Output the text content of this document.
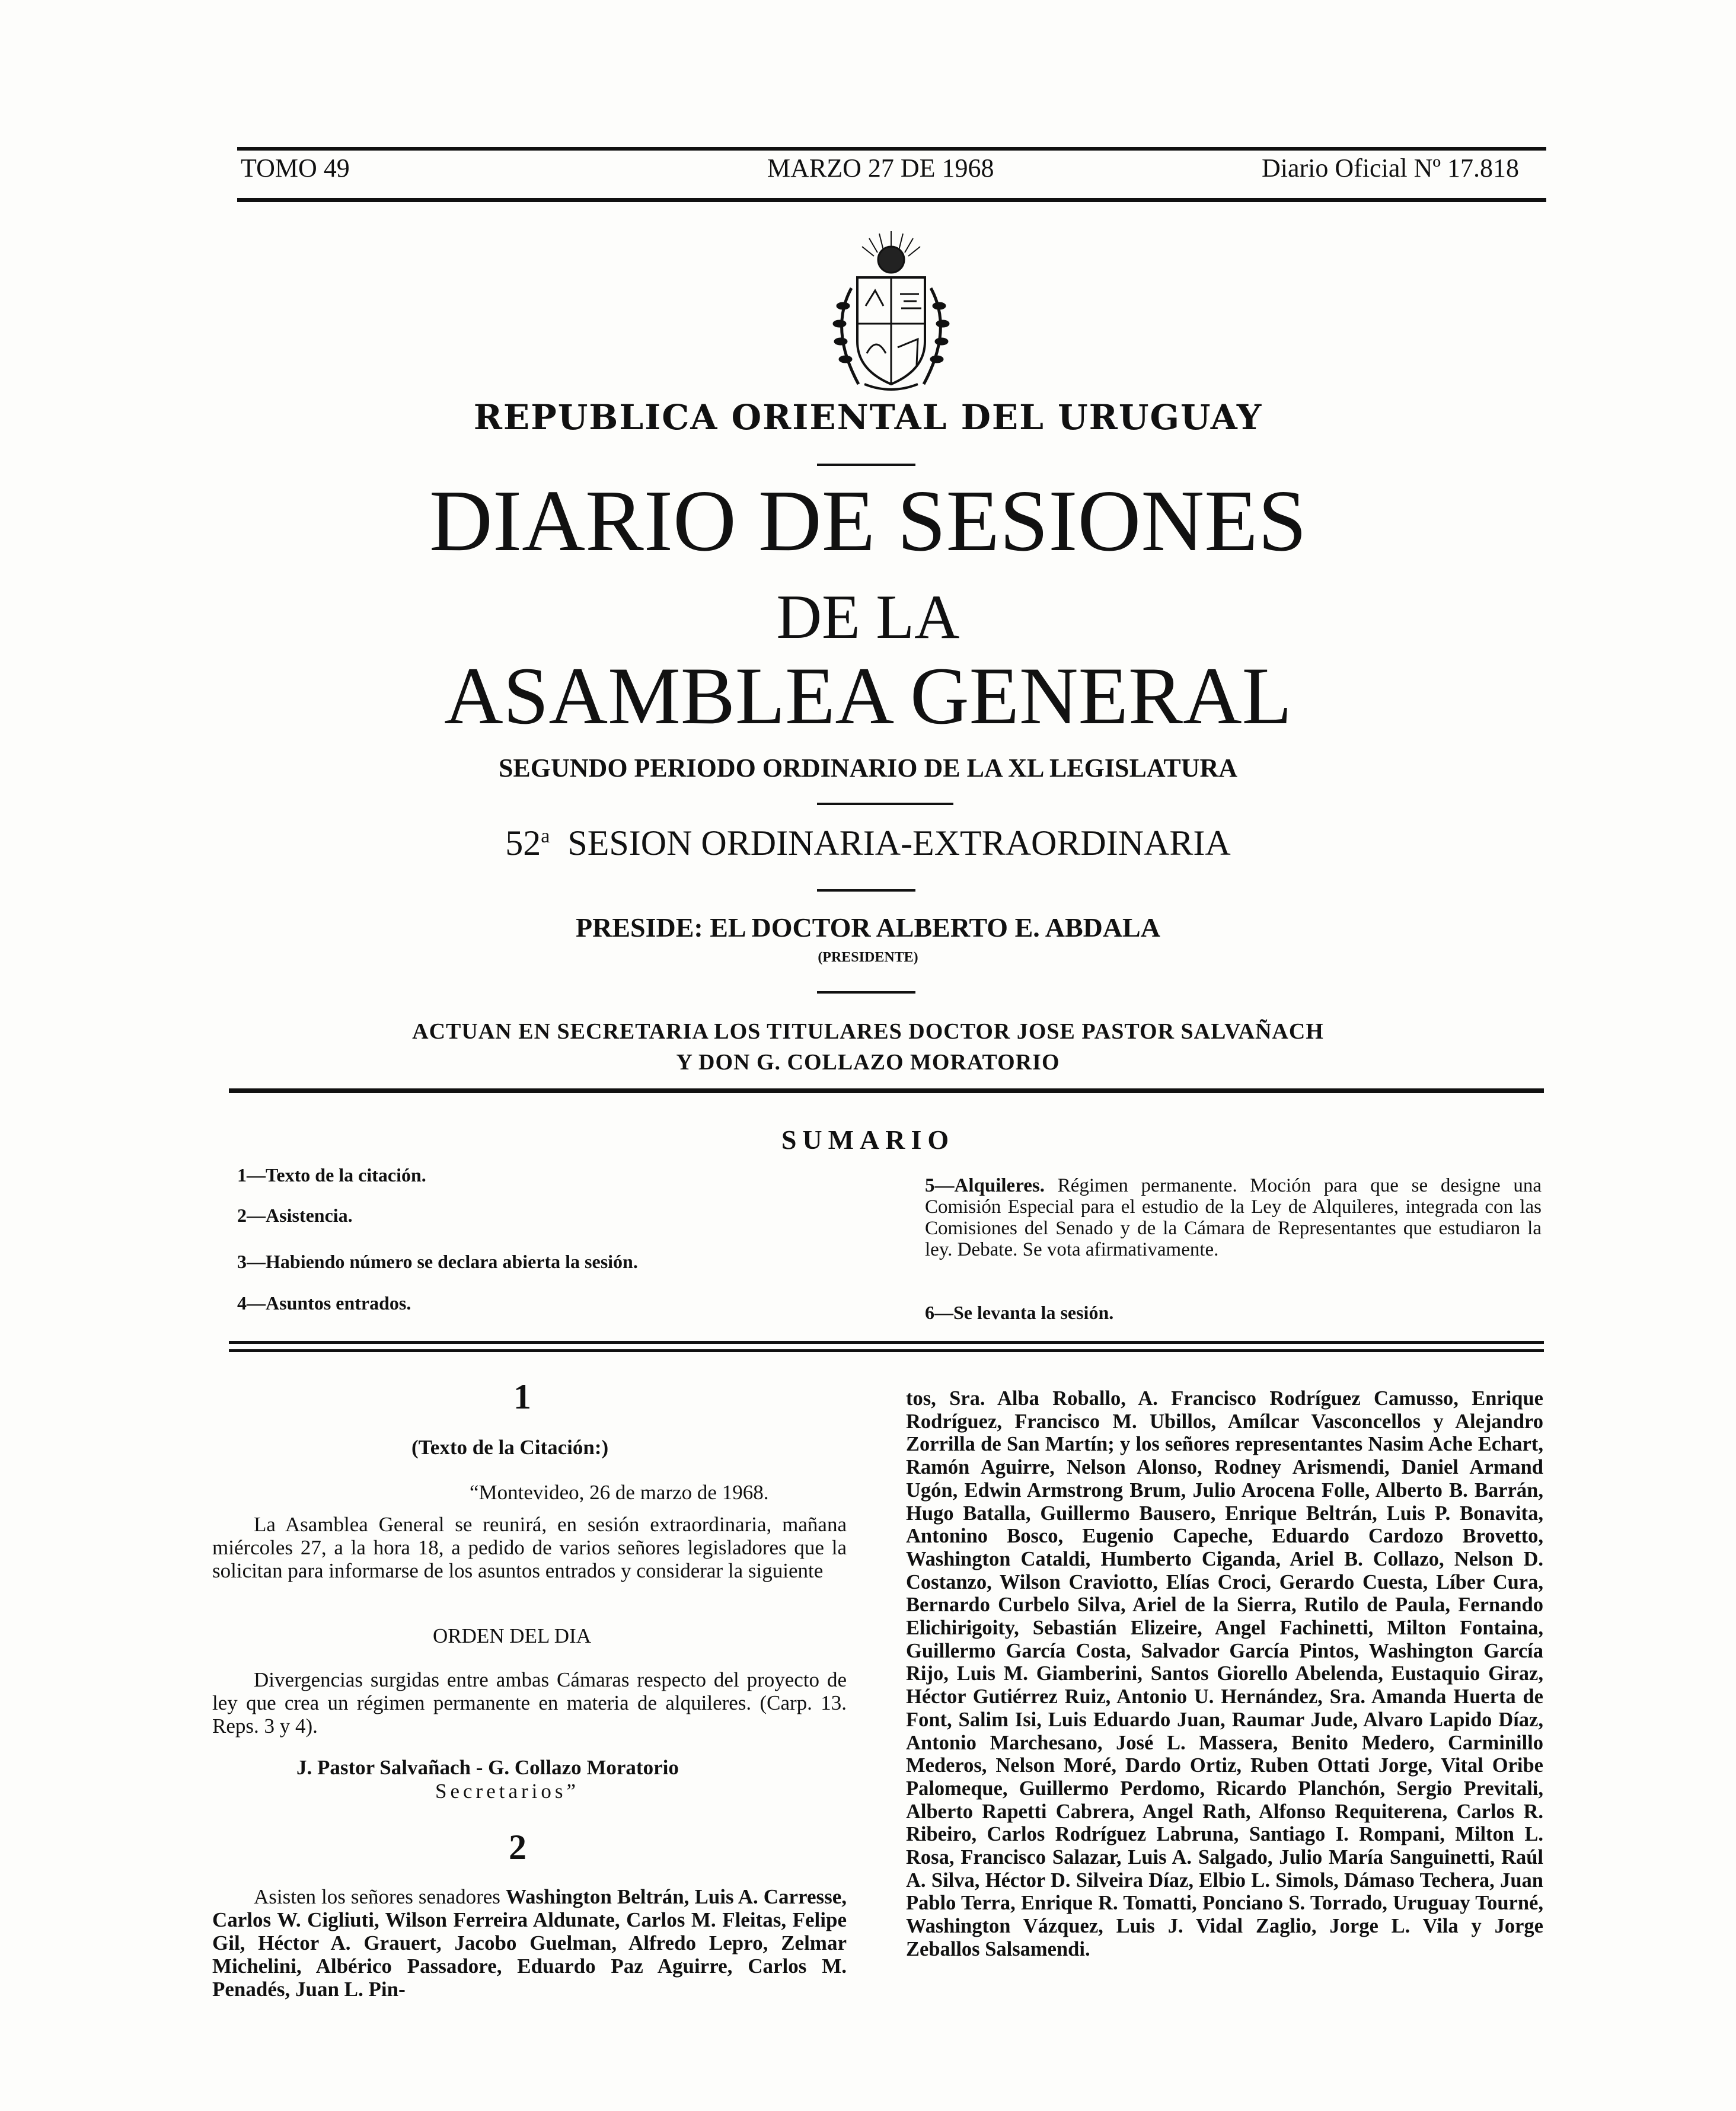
TOMO 49	MARZO 27 DE 1968	Diario Oficial Nº 17.818
REPUBLICA ORIENTAL DEL URUGUAY
DIARIO DE SESIONES
DE LA
ASAMBLEA GENERAL
SEGUNDO PERIODO ORDINARIO DE LA XL LEGISLATURA
52$^a$ SESION ORDINARIA-EXTRAORDINARIA
PRESIDE: EL DOCTOR ALBERTO E. ABDALA
(PRESIDENTE)
ACTUAN EN SECRETARIA LOS TITULARES DOCTOR JOSE PASTOR SALVAÑACH
Y DON G. COLLAZO MORATORIO
SUMARIO
1—Texto de la citación.
2—Asistencia.
3—Habiendo número se declara abierta la sesión.
4—Asuntos entrados.
5—Alquileres. Régimen permanente. Moción para que se designe una Comisión Especial para el estudio de la Ley de Alquileres, integrada con las Comisiones del Senado y de la Cámara de Representantes que estudiaron la ley. Debate. Se vota afirmativamente.
6—Se levanta la sesión.
1
(Texto de la Citación:)
“Montevideo, 26 de marzo de 1968.
La Asamblea General se reunirá, en sesión extraordinaria, mañana miércoles 27, a la hora 18, a pedido de varios señores legisladores que la solicitan para informarse de los asuntos entrados y considerar la siguiente
ORDEN DEL DIA
Divergencias surgidas entre ambas Cámaras respecto del proyecto de ley que crea un régimen permanente en materia de alquileres. (Carp. 13. Reps. 3 y 4).
J. Pastor Salvañach - G. Collazo Moratorio
Secretarios”
2
Asisten los señores senadores Washington Beltrán, Luis A. Carresse, Carlos W. Cigliuti, Wilson Ferreira Aldunate, Carlos M. Fleitas, Felipe Gil, Héctor A. Grauert, Jacobo Guelman, Alfredo Lepro, Zelmar Michelini, Albérico Passadore, Eduardo Paz Aguirre, Carlos M. Penadés, Juan L. Pin-
tos, Sra. Alba Roballo, A. Francisco Rodríguez Camusso, Enrique Rodríguez, Francisco M. Ubillos, Amílcar Vasconcellos y Alejandro Zorrilla de San Martín; y los señores representantes Nasim Ache Echart, Ramón Aguirre, Nelson Alonso, Rodney Arismendi, Daniel Armand Ugón, Edwin Armstrong Brum, Julio Arocena Folle, Alberto B. Barrán, Hugo Batalla, Guillermo Bausero, Enrique Beltrán, Luis P. Bonavita, Antonino Bosco, Eugenio Capeche, Eduardo Cardozo Brovetto, Washington Cataldi, Humberto Ciganda, Ariel B. Collazo, Nelson D. Costanzo, Wilson Craviotto, Elías Croci, Gerardo Cuesta, Líber Cura, Bernardo Curbelo Silva, Ariel de la Sierra, Rutilo de Paula, Fernando Elichirigoity, Sebastián Elizeire, Angel Fachinetti, Milton Fontaina, Guillermo García Costa, Salvador García Pintos, Washington García Rijo, Luis M. Giamberini, Santos Giorello Abelenda, Eustaquio Giraz, Héctor Gutiérrez Ruiz, Antonio U. Hernández, Sra. Amanda Huerta de Font, Salim Isi, Luis Eduardo Juan, Raumar Jude, Alvaro Lapido Díaz, Antonio Marchesano, José L. Massera, Benito Medero, Carminillo Mederos, Nelson Moré, Dardo Ortiz, Ruben Ottati Jorge, Vital Oribe Palomeque, Guillermo Perdomo, Ricardo Planchón, Sergio Previtali, Alberto Rapetti Cabrera, Angel Rath, Alfonso Requiterena, Carlos R. Ribeiro, Carlos Rodríguez Labruna, Santiago I. Rompani, Milton L. Rosa, Francisco Salazar, Luis A. Salgado, Julio María Sanguinetti, Raúl A. Silva, Héctor D. Silveira Díaz, Elbio L. Simols, Dámaso Techera, Juan Pablo Terra, Enrique R. Tomatti, Ponciano S. Torrado, Uruguay Tourné, Washington Vázquez, Luis J. Vidal Zaglio, Jorge L. Vila y Jorge Zeballos Salsamendi.
